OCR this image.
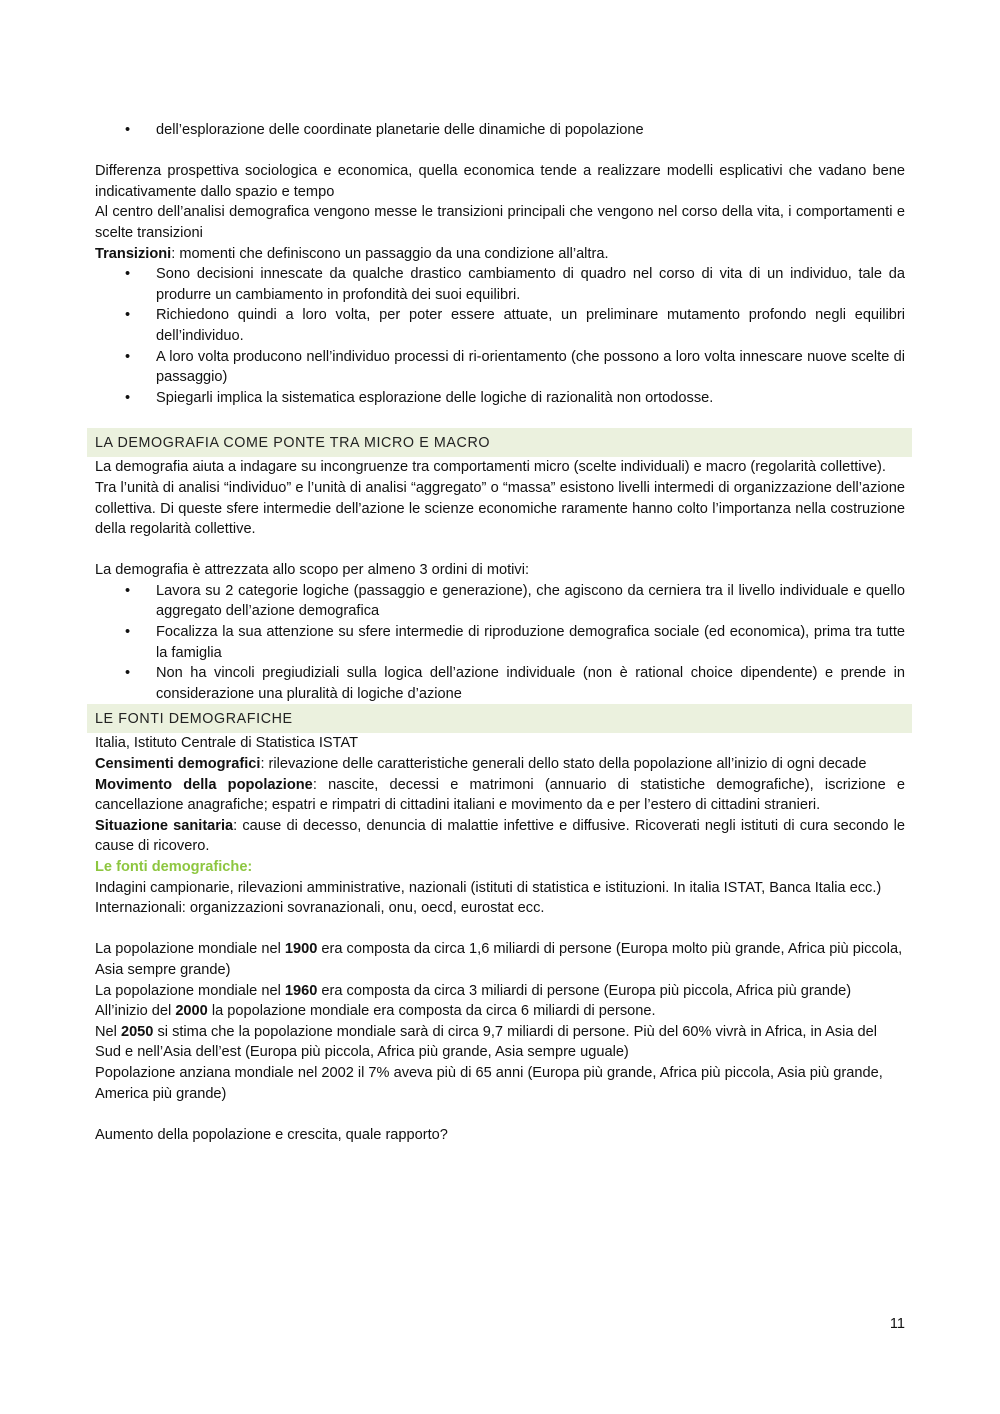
• dell’esplorazione delle coordinate planetarie delle dinamiche di popolazione

Differenza prospettiva sociologica e economica, quella economica tende a realizzare modelli esplicativi che vadano bene indicativamente dallo spazio e tempo

Al centro dell’analisi demografica vengono messe le transizioni principali che vengono nel corso della vita, i comportamenti e scelte transizioni

Transizioni: momenti che definiscono un passaggio da una condizione all’altra.

• Sono decisioni innescate da qualche drastico cambiamento di quadro nel corso di vita di un individuo, tale da produrre un cambiamento in profondità dei suoi equilibri.
• Richiedono quindi a loro volta, per poter essere attuate, un preliminare mutamento profondo negli equilibri dell’individuo.
• A loro volta producono nell’individuo processi di ri-orientamento (che possono a loro volta innescare nuove scelte di passaggio)
• Spiegarli implica la sistematica esplorazione delle logiche di razionalità non ortodosse.
LA DEMOGRAFIA COME PONTE TRA MICRO E MACRO

La demografia aiuta a indagare su incongruenze tra comportamenti micro (scelte individuali) e macro (regolarità collettive).

Tra l’unità di analisi “individuo” e l’unità di analisi “aggregato” o “massa” esistono livelli intermedi di organizzazione dell’azione collettiva. Di queste sfere intermedie dell’azione le scienze economiche raramente hanno colto l’importanza nella costruzione della regolarità collettive.

La demografia è attrezzata allo scopo per almeno 3 ordini di motivi:

• Lavora su 2 categorie logiche (passaggio e generazione), che agiscono da cerniera tra il livello individuale e quello aggregato dell’azione demografica
• Focalizza la sua attenzione su sfere intermedie di riproduzione demografica sociale (ed economica), prima tra tutte la famiglia
• Non ha vincoli pregiudiziali sulla logica dell’azione individuale (non è rational choice dipendente) e prende in considerazione una pluralità di logiche d’azione
LE FONTI DEMOGRAFICHE

Italia, Istituto Centrale di Statistica ISTAT

Censimenti demografici: rilevazione delle caratteristiche generali dello stato della popolazione all’inizio di ogni decade

Movimento della popolazione: nascite, decessi e matrimoni (annuario di statistiche demografiche), iscrizione e cancellazione anagrafiche; espatri e rimpatri di cittadini italiani e movimento da e per l’estero di cittadini stranieri.

Situazione sanitaria: cause di decesso, denuncia di malattie infettive e diffusive. Ricoverati negli istituti di cura secondo le cause di ricovero.

Le fonti demografiche:

Indagini campionarie, rilevazioni amministrative, nazionali (istituti di statistica e istituzioni. In italia ISTAT, Banca Italia ecc.)

Internazionali: organizzazioni sovranazionali, onu, oecd, eurostat ecc.

La popolazione mondiale nel 1900 era composta da circa 1,6 miliardi di persone (Europa molto più grande, Africa più piccola, Asia sempre grande)

La popolazione mondiale nel 1960 era composta da circa 3 miliardi di persone (Europa più piccola, Africa più grande)

All’inizio del 2000 la popolazione mondiale era composta da circa 6 miliardi di persone.

Nel 2050 si stima che la popolazione mondiale sarà di circa 9,7 miliardi di persone. Più del 60% vivrà in Africa, in Asia del Sud e nell’Asia dell’est (Europa più piccola, Africa più grande, Asia sempre uguale)

Popolazione anziana mondiale nel 2002 il 7% aveva più di 65 anni (Europa più grande, Africa più piccola, Asia più grande, America più grande)

Aumento della popolazione e crescita, quale rapporto?

11
